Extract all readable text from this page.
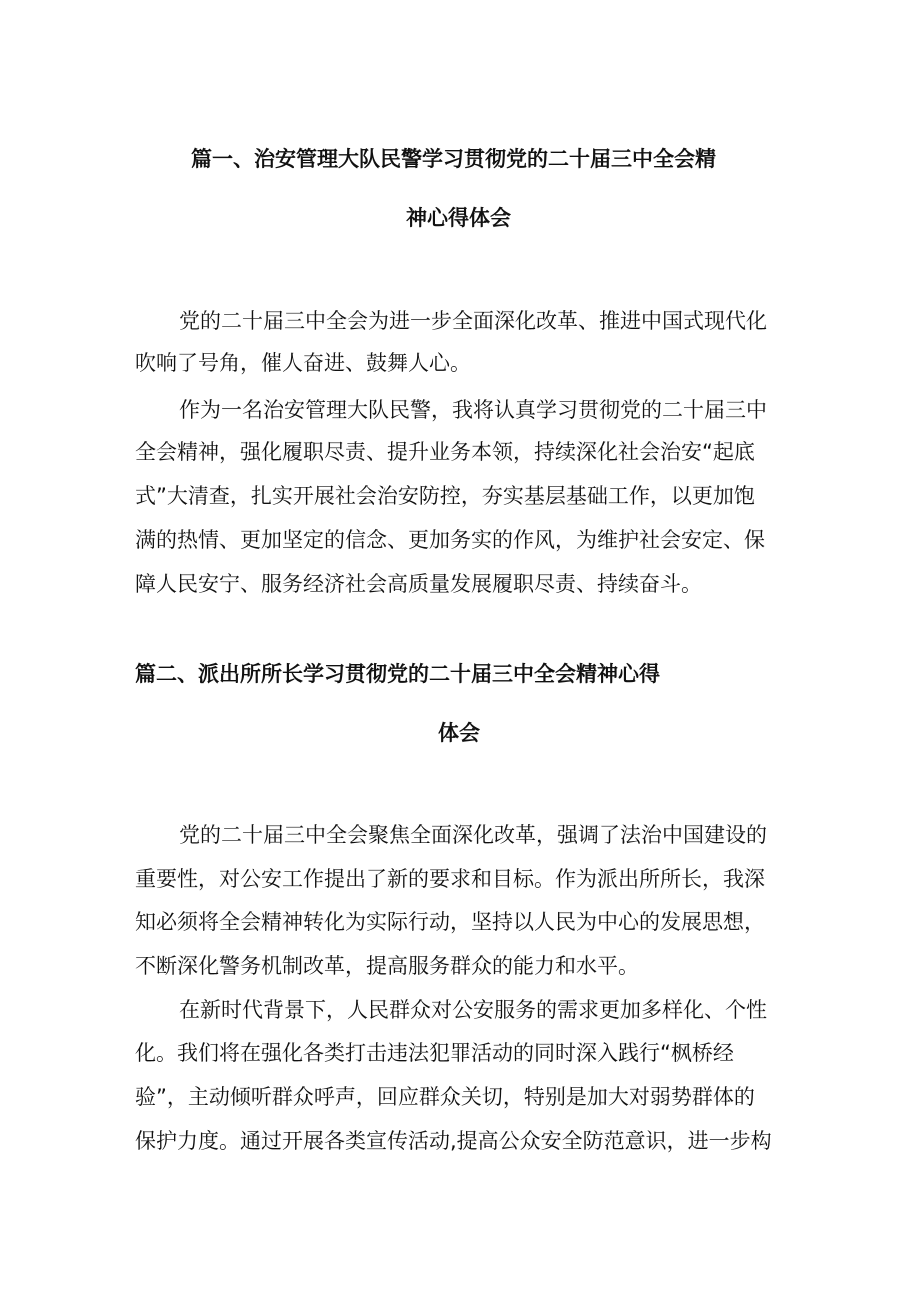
篇一、治安管理大队民警学习贯彻党的二十届三中全会精
神心得体会

党的二十届三中全会为进一步全面深化改革、推进中国式现代化

吹响了号角，催人奋进、鼓舞人心。

作为一名治安管理大队民警，我将认真学习贯彻党的二十届三中

全会精神，强化履职尽责、提升业务本领，持续深化社会治安“起底

式”大清查，扎实开展社会治安防控，夯实基层基础工作，以更加饱

满的热情、更加坚定的信念、更加务实的作风，为维护社会安定、保

障人民安宁、服务经济社会高质量发展履职尽责、持续奋斗。

篇二、派出所所长学习贯彻党的二十届三中全会精神心得
体会

党的二十届三中全会聚焦全面深化改革，强调了法治中国建设的

重要性，对公安工作提出了新的要求和目标。作为派出所所长，我深

知必须将全会精神转化为实际行动，坚持以人民为中心的发展思想，

不断深化警务机制改革，提高服务群众的能力和水平。

在新时代背景下，人民群众对公安服务的需求更加多样化、个性

化。我们将在强化各类打击违法犯罪活动的同时深入践行“枫桥经

验”，主动倾听群众呼声，回应群众关切，特别是加大对弱势群体的

保护力度。通过开展各类宣传活动,提高公众安全防范意识，进一步构
